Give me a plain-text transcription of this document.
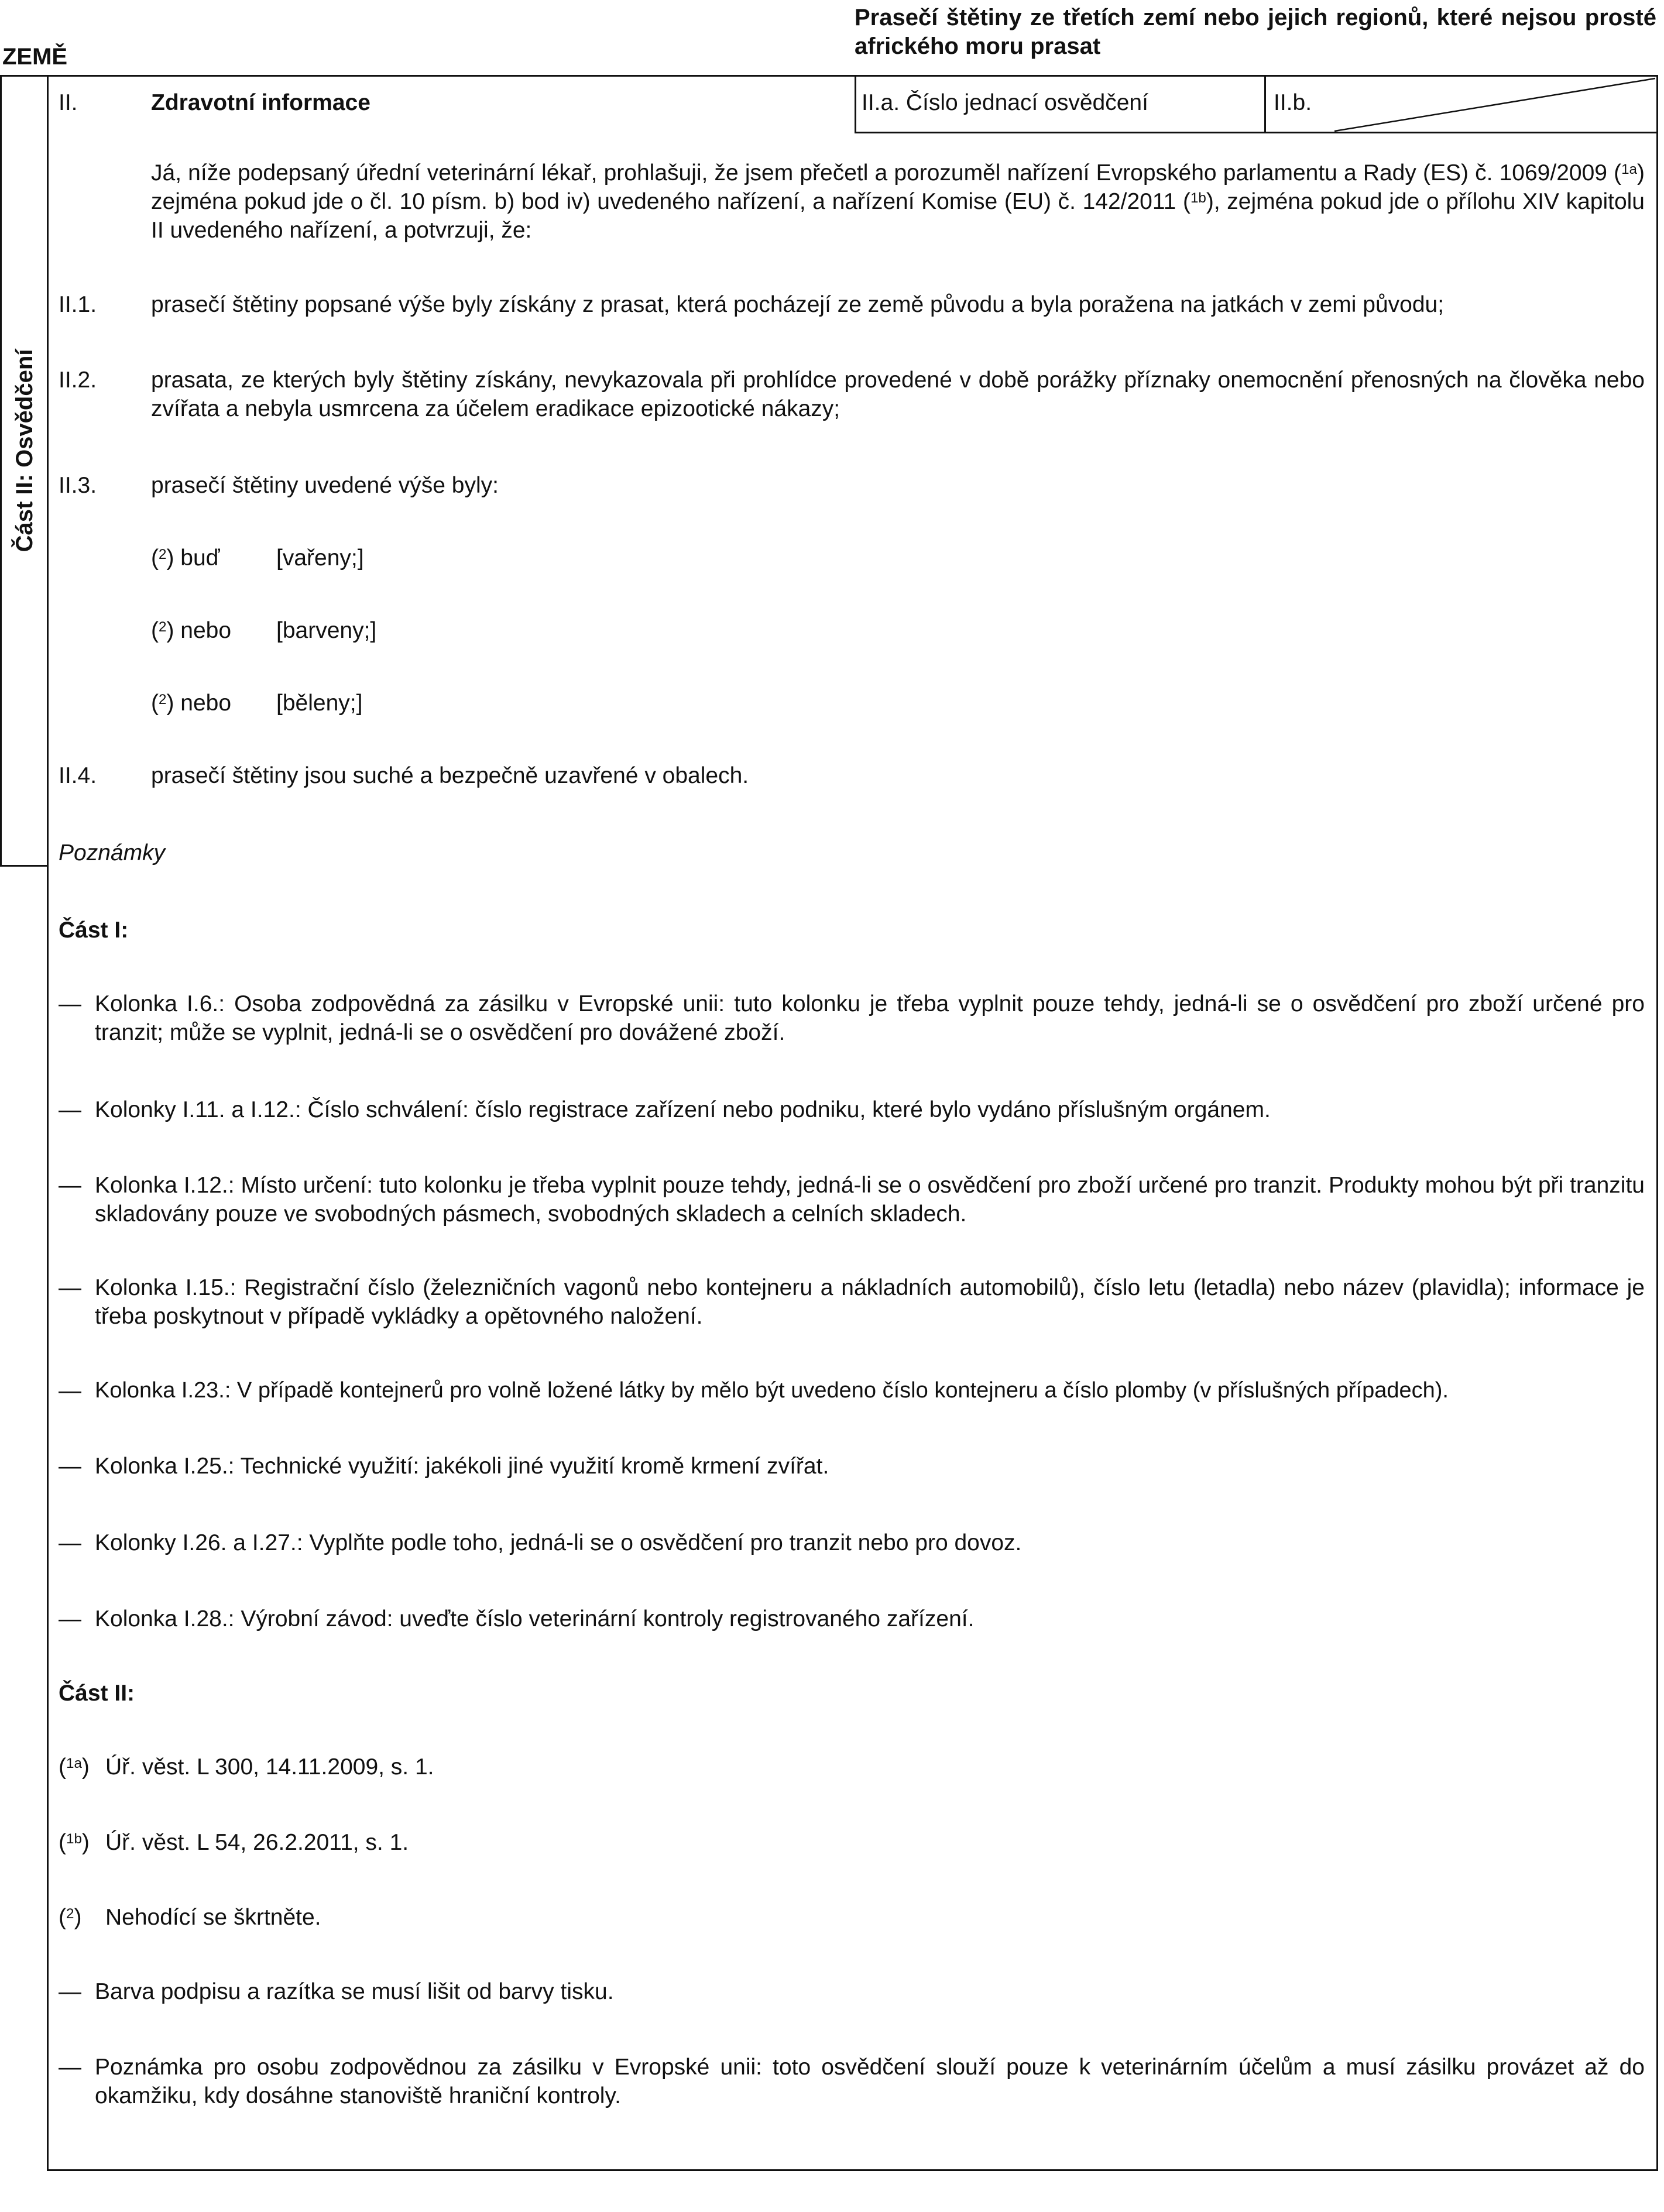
ZEMĚ
Prasečí štětiny ze třetích zemí nebo jejich regionů, které nejsou prosté afrického moru prasat
Část II: Osvědčení
II.	Zdravotní informace	II.a. Číslo jednací osvědčení	II.b.
Já, níže podepsaný úřední veterinární lékař, prohlašuji, že jsem přečetl a porozuměl nařízení Evropského parlamentu a Rady (ES) č. 1069/2009 ($^{1a}$) zejména pokud jde o čl. 10 písm. b) bod iv) uvedeného nařízení, a nařízení Komise (EU) č. 142/2011 ($^{1b}$), zejména pokud jde o přílohu XIV kapitolu II uvedeného nařízení, a potvrzuji, že:
II.1. prasečí štětiny popsané výše byly získány z prasat, která pocházejí ze země původu a byla poražena na jatkách v zemi původu;
II.2. prasata, ze kterých byly štětiny získány, nevykazovala při prohlídce provedené v době porážky příznaky onemocnění přenosných na člověka nebo zvířata a nebyla usmrcena za účelem eradikace epizootické nákazy;
II.3. prasečí štětiny uvedené výše byly:
($^2$) buď [vařeny;]
($^2$) nebo [barveny;]
($^2$) nebo [běleny;]
II.4. prasečí štětiny jsou suché a bezpečně uzavřené v obalech.
Poznámky
Část I:
— Kolonka I.6.: Osoba zodpovědná za zásilku v Evropské unii: tuto kolonku je třeba vyplnit pouze tehdy, jedná-li se o osvědčení pro zboží určené pro tranzit; může se vyplnit, jedná-li se o osvědčení pro dovážené zboží.
— Kolonky I.11. a I.12.: Číslo schválení: číslo registrace zařízení nebo podniku, které bylo vydáno příslušným orgánem.
— Kolonka I.12.: Místo určení: tuto kolonku je třeba vyplnit pouze tehdy, jedná-li se o osvědčení pro zboží určené pro tranzit. Produkty mohou být při tranzitu skladovány pouze ve svobodných pásmech, svobodných skladech a celních skladech.
— Kolonka I.15.: Registrační číslo (železničních vagonů nebo kontejneru a nákladních automobilů), číslo letu (letadla) nebo název (plavidla); informace je třeba poskytnout v případě vykládky a opětovného naložení.
— Kolonka I.23.: V případě kontejnerů pro volně ložené látky by mělo být uvedeno číslo kontejneru a číslo plomby (v příslušných případech).
— Kolonka I.25.: Technické využití: jakékoli jiné využití kromě krmení zvířat.
— Kolonky I.26. a I.27.: Vyplňte podle toho, jedná-li se o osvědčení pro tranzit nebo pro dovoz.
— Kolonka I.28.: Výrobní závod: uveďte číslo veterinární kontroly registrovaného zařízení.
Část II:
($^{1a}$) Úř. věst. L 300, 14.11.2009, s. 1.
($^{1b}$) Úř. věst. L 54, 26.2.2011, s. 1.
($^2$) Nehodící se škrtněte.
— Barva podpisu a razítka se musí lišit od barvy tisku.
— Poznámka pro osobu zodpovědnou za zásilku v Evropské unii: toto osvědčení slouží pouze k veterinárním účelům a musí zásilku provázet až do okamžiku, kdy dosáhne stanoviště hraniční kontroly.
